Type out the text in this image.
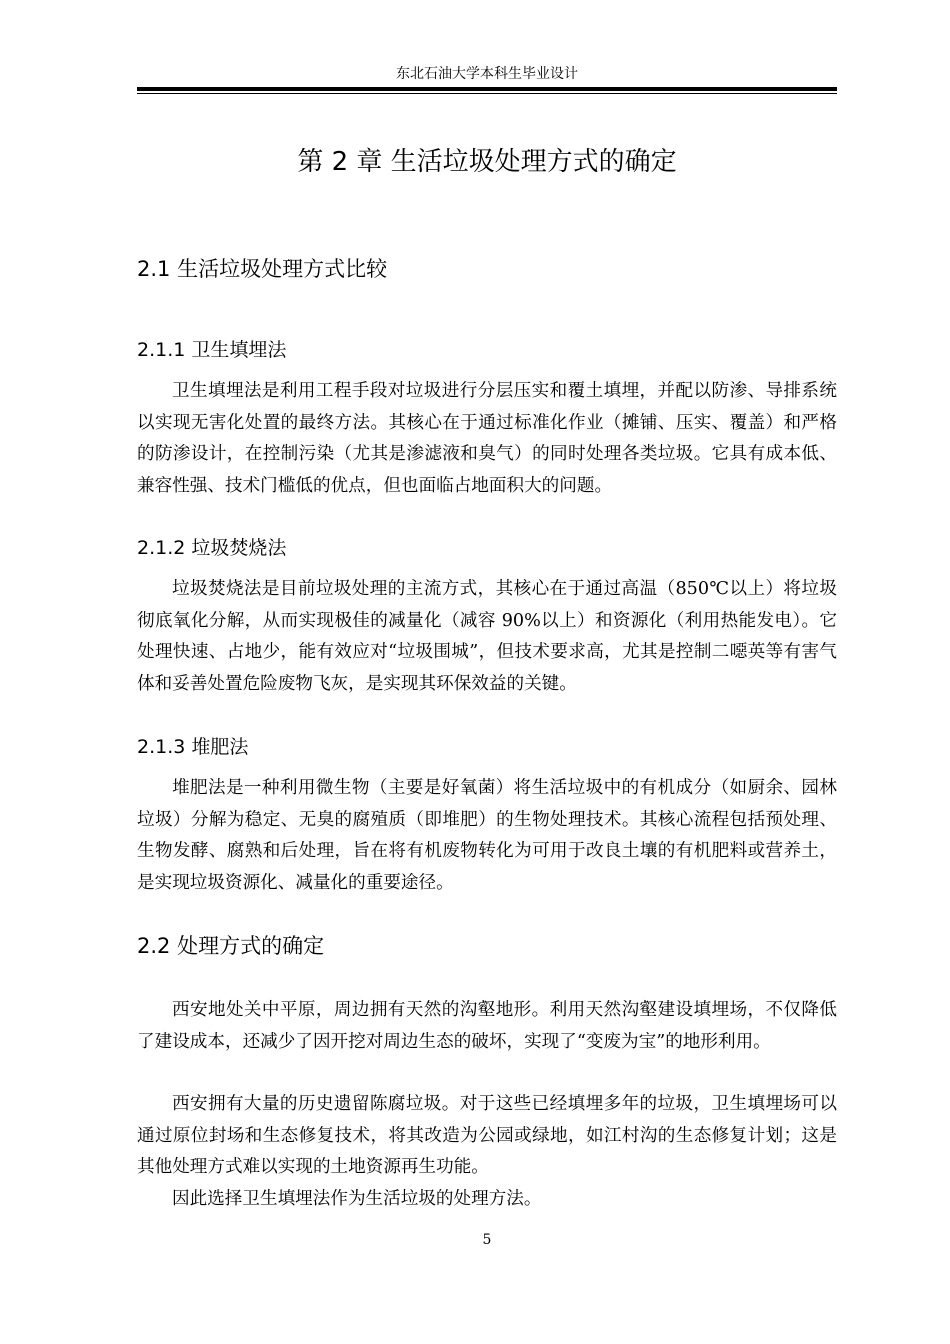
东北石油大学本科生毕业设计
第 2 章 生活垃圾处理方式的确定
2.1 生活垃圾处理方式比较
2.1.1 卫生填埋法

卫生填埋法是利用工程手段对垃圾进行分层压实和覆土填埋，并配以防渗、导排系统以实现无害化处置的最终方法。其核心在于通过标准化作业（摊铺、压实、覆盖）和严格的防渗设计，在控制污染（尤其是渗滤液和臭气）的同时处理各类垃圾。它具有成本低、兼容性强、技术门槛低的优点，但也面临占地面积大的问题。

2.1.2 垃圾焚烧法

垃圾焚烧法是目前垃圾处理的主流方式，其核心在于通过高温（850℃以上）将垃圾彻底氧化分解，从而实现极佳的减量化（减容 90%以上）和资源化（利用热能发电）。它处理快速、占地少，能有效应对“垃圾围城”，但技术要求高，尤其是控制二噁英等有害气体和妥善处置危险废物飞灰，是实现其环保效益的关键。

2.1.3 堆肥法

堆肥法是一种利用微生物（主要是好氧菌）将生活垃圾中的有机成分（如厨余、园林垃圾）分解为稳定、无臭的腐殖质（即堆肥）的生物处理技术。其核心流程包括预处理、生物发酵、腐熟和后处理，旨在将有机废物转化为可用于改良土壤的有机肥料或营养土，是实现垃圾资源化、减量化的重要途径。

2.2 处理方式的确定

西安地处关中平原，周边拥有天然的沟壑地形。利用天然沟壑建设填埋场，不仅降低了建设成本，还减少了因开挖对周边生态的破坏，实现了“变废为宝”的地形利用。

西安拥有大量的历史遗留陈腐垃圾。对于这些已经填埋多年的垃圾，卫生填埋场可以通过原位封场和生态修复技术，将其改造为公园或绿地，如江村沟的生态修复计划；这是其他处理方式难以实现的土地资源再生功能。

因此选择卫生填埋法作为生活垃圾的处理方法。

5
